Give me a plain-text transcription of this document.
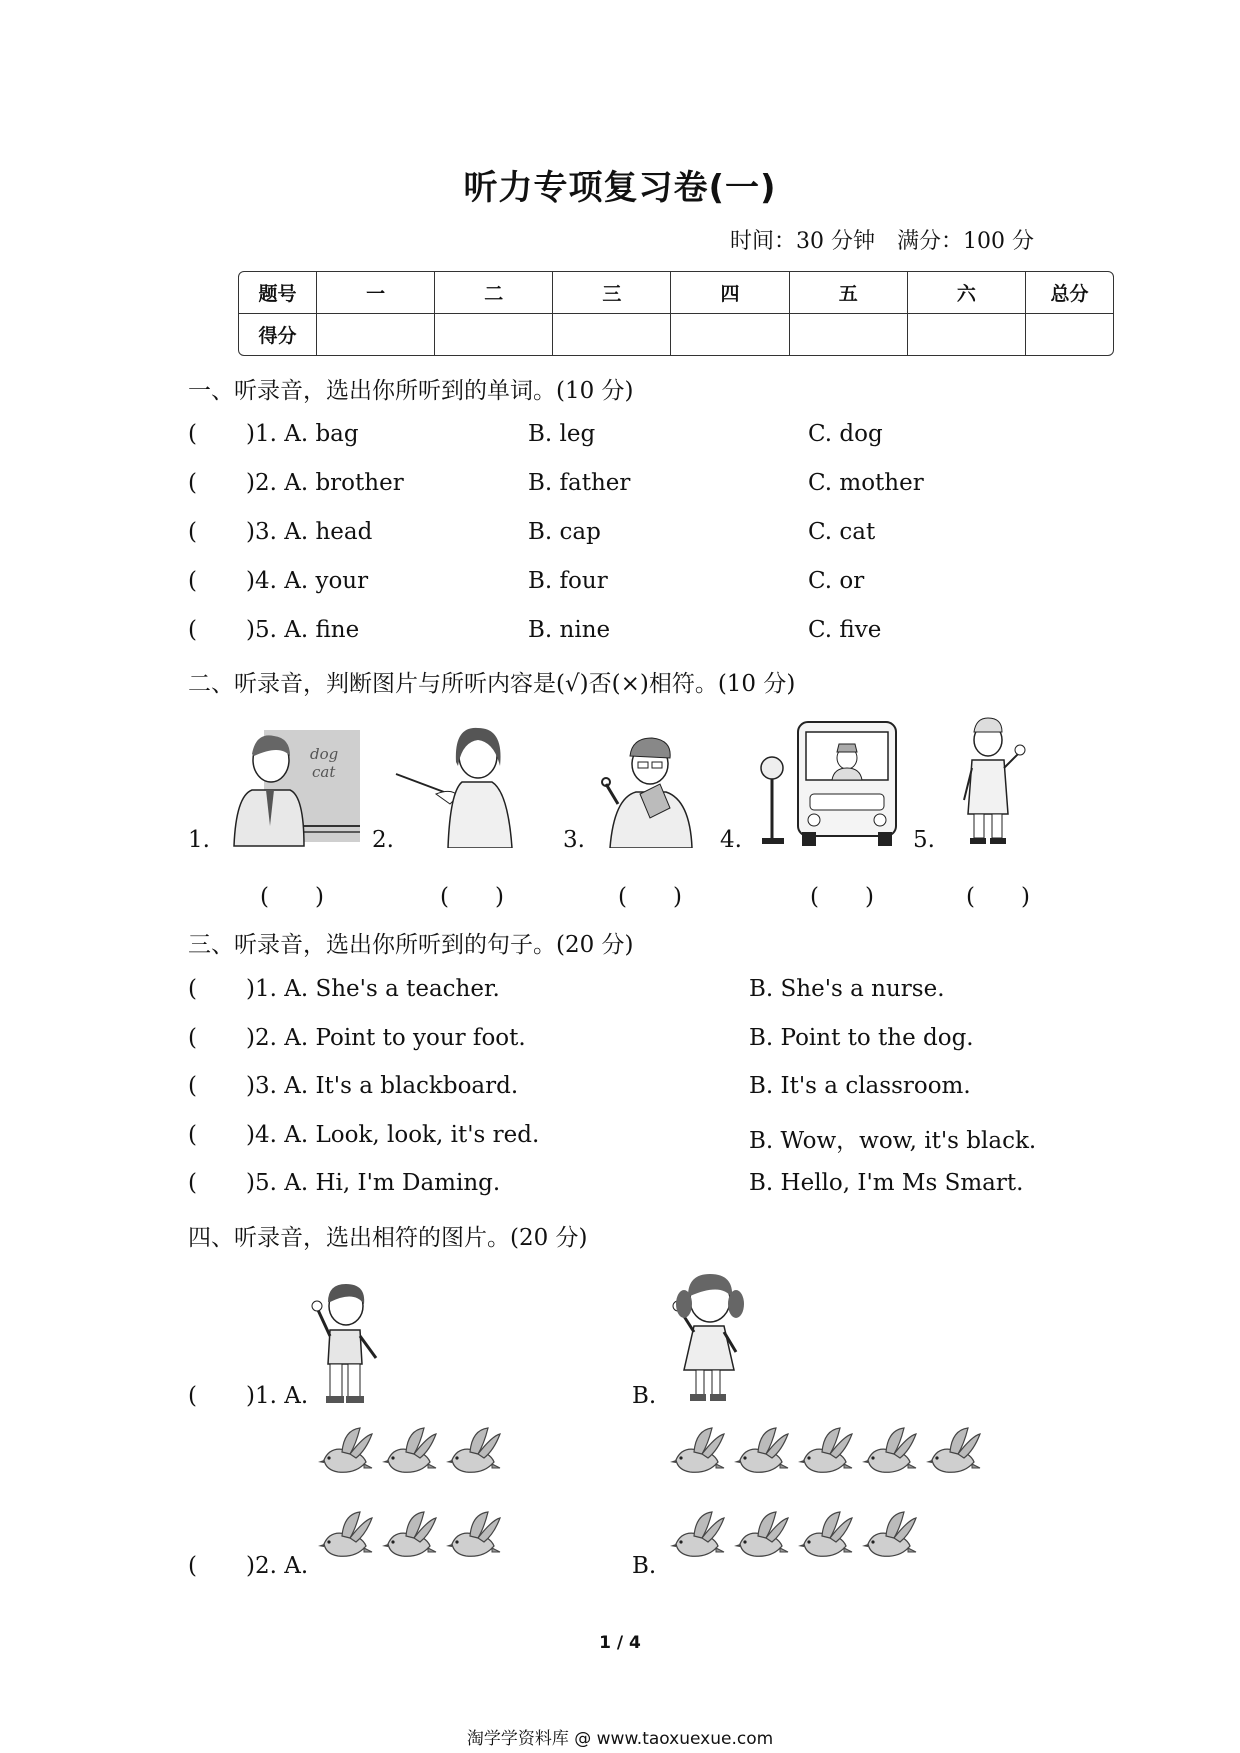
听力专项复习卷(一)
时间：30 分钟　满分：100 分
题号	一	二	三	四	五	六	总分
得分							
一、听录音，选出你所听到的单词。(10 分)
( )1. A. bag	B. leg	C. dog
( )2. A. brother	B. father	C. mother
( )3. A. head	B. cap	C. cat
( )4. A. your	B. four	C. or
( )5. A. fine	B. nine	C. five
二、听录音，判断图片与所听内容是(√)否(×)相符。(10 分)
1.	2.	3.	4.	5.
dog
cat
(　　)	(　　)	(　　)	(　　)	(　　)
三、听录音，选出你所听到的句子。(20 分)
( )1. A. She's a teacher.	B. She's a nurse.
( )2. A. Point to your foot.	B. Point to the dog.
( )3. A. It's a blackboard.	B. It's a classroom.
( )4. A. Look, look, it's red.	B. Wow，wow, it's black.
( )5. A. Hi, I'm Daming.	B. Hello, I'm Ms Smart.
四、听录音，选出相符的图片。(20 分)
( )1. A.	B.
( )2. A.	B.
1 / 4
淘学学资料库 @ www.taoxuexue.com
